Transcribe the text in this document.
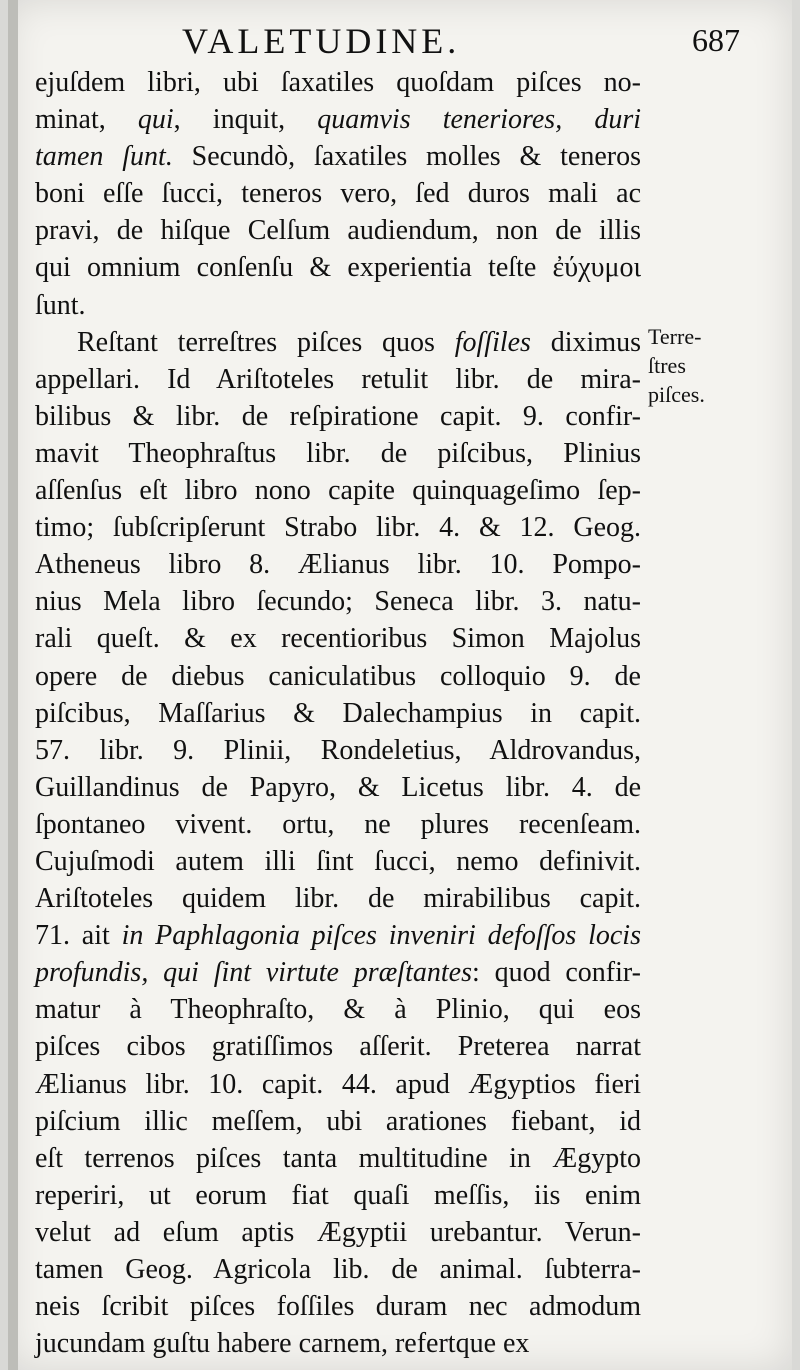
VALETUDINE.	687
ejuſdem libri, ubi ſaxatiles quoſdam piſces no-
minat, qui, inquit, quamvis teneriores, duri
tamen ſunt. Secundò, ſaxatiles molles & teneros
boni eſſe ſucci, teneros vero, ſed duros mali ac
pravi, de hiſque Celſum audiendum, non de illis
qui omnium conſenſu & experientia teſte ἐύχυμοι
ſunt.
Reſtant terreſtres piſces quos foſſiles diximus
appellari. Id Ariſtoteles retulit libr. de mira-
bilibus & libr. de reſpiratione capit. 9. confir-
mavit Theophraſtus libr. de piſcibus, Plinius
aſſenſus eſt libro nono capite quinquageſimo ſep-
timo; ſubſcripſerunt Strabo libr. 4. & 12. Geog.
Atheneus libro 8. Ælianus libr. 10. Pompo-
nius Mela libro ſecundo; Seneca libr. 3. natu-
rali queſt. & ex recentioribus Simon Majolus
opere de diebus caniculatibus colloquio 9. de
piſcibus, Maſſarius & Dalechampius in capit.
57. libr. 9. Plinii, Rondeletius, Aldrovandus,
Guillandinus de Papyro, & Licetus libr. 4. de
ſpontaneo vivent. ortu, ne plures recenſeam.
Cujuſmodi autem illi ſint ſucci, nemo definivit.
Ariſtoteles quidem libr. de mirabilibus capit.
71. ait in Paphlagonia piſces inveniri defoſſos locis
profundis, qui ſint virtute præſtantes: quod confir-
matur à Theophraſto, & à Plinio, qui eos
piſces cibos gratiſſimos aſſerit. Preterea narrat
Ælianus libr. 10. capit. 44. apud Ægyptios fieri
piſcium illic meſſem, ubi arationes fiebant, id
eſt terrenos piſces tanta multitudine in Ægypto
reperiri, ut eorum fiat quaſi meſſis, iis enim
velut ad eſum aptis Ægyptii urebantur. Verun-
tamen Geog. Agricola lib. de animal. ſubterra-
neis ſcribit piſces foſſiles duram nec admodum
jucundam guſtu habere carnem, refertque ex
Terre-
ſtres
piſces.
